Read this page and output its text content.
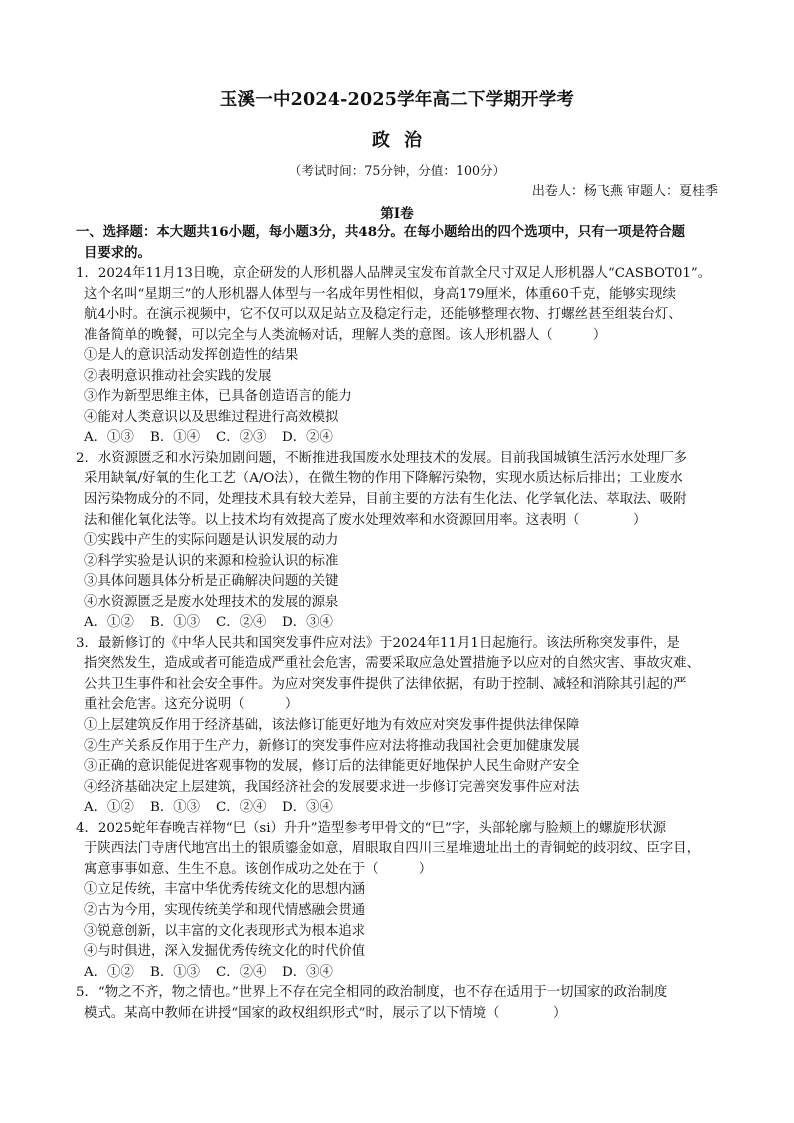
玉溪一中2024-2025学年高二下学期开学考
政治
（考试时间：75分钟，分值：100分）
出卷人：杨飞燕 审题人：夏桂季
第Ⅰ卷
一、选择题：本大题共16小题，每小题3分，共48分。在每小题给出的四个选项中，只有一项是符合题
目要求的。
1．2024年11月13日晚，京企研发的人形机器人品牌灵宝发布首款全尺寸双足人形机器人“CASBOT01”。
这个名叫“星期三”的人形机器人体型与一名成年男性相似，身高179厘米，体重60千克，能够实现续
航4小时。在演示视频中，它不仅可以双足站立及稳定行走，还能够整理衣物、打螺丝甚至组装台灯、
准备简单的晚餐，可以完全与人类流畅对话，理解人类的意图。该人形机器人（　　　）
①是人的意识活动发挥创造性的结果
②表明意识推动社会实践的发展
③作为新型思维主体，已具备创造语言的能力
④能对人类意识以及思维过程进行高效模拟
A．①③	B．①④	C．②③	D．②④
2．水资源匮乏和水污染加剧问题，不断推进我国废水处理技术的发展。目前我国城镇生活污水处理厂多
采用缺氧/好氧的生化工艺（A/O法），在微生物的作用下降解污染物，实现水质达标后排出；工业废水
因污染物成分的不同，处理技术具有较大差异，目前主要的方法有生化法、化学氧化法、萃取法、吸附
法和催化氧化法等。以上技术均有效提高了废水处理效率和水资源回用率。这表明（　　　　）
①实践中产生的实际问题是认识发展的动力
②科学实验是认识的来源和检验认识的标准
③具体问题具体分析是正确解决问题的关键
④水资源匮乏是废水处理技术的发展的源泉
A．①②	B．①③	C．②④	D．③④
3．最新修订的《中华人民共和国突发事件应对法》于2024年11月1日起施行。该法所称突发事件，是
指突然发生，造成或者可能造成严重社会危害，需要采取应急处置措施予以应对的自然灾害、事故灾难、
公共卫生事件和社会安全事件。为应对突发事件提供了法律依据，有助于控制、减轻和消除其引起的严
重社会危害。这充分说明（　　　）
①上层建筑反作用于经济基础，该法修订能更好地为有效应对突发事件提供法律保障
②生产关系反作用于生产力，新修订的突发事件应对法将推动我国社会更加健康发展
③正确的意识能促进客观事物的发展，修订后的法律能更好地保护人民生命财产安全
④经济基础决定上层建筑，我国经济社会的发展要求进一步修订完善突发事件应对法
A．①②	B．①③	C．②④	D．③④
4．2025蛇年春晚吉祥物“巳（si）升升”造型参考甲骨文的“巳”字，头部轮廓与脸颊上的螺旋形状源
于陕西法门寺唐代地宫出土的银质鎏金如意，眉眼取自四川三星堆遗址出土的青铜蛇的歧羽纹、臣字目，
寓意事事如意、生生不息。该创作成功之处在于（　　　）
①立足传统，丰富中华优秀传统文化的思想内涵
②古为今用，实现传统美学和现代情感融会贯通
③锐意创新，以丰富的文化表现形式为根本追求
④与时俱进，深入发掘优秀传统文化的时代价值
A．①②	B．①③	C．②④	D．③④
5．“物之不齐，物之情也。”世界上不存在完全相同的政治制度，也不存在适用于一切国家的政治制度
模式。某高中教师在讲授“国家的政权组织形式”时，展示了以下情境（　　　　）
